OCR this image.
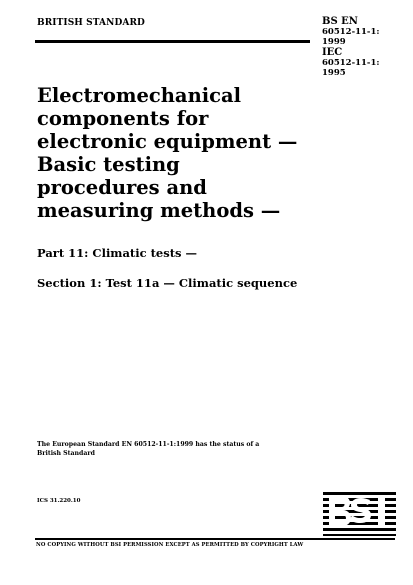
BRITISH STANDARD	BS EN
60512-11-1:
1999
IEC
60512-11-1:
1995
Electromechanical
components for
electronic equipment —
Basic testing
procedures and
measuring methods —
Part 11: Climatic tests —
Section 1: Test 11a — Climatic sequence
The European Standard EN 60512-11-1:1999 has the status of a
British Standard
ICS 31.220.10
NO COPYING WITHOUT BSI PERMISSION EXCEPT AS PERMITTED BY COPYRIGHT LAW
